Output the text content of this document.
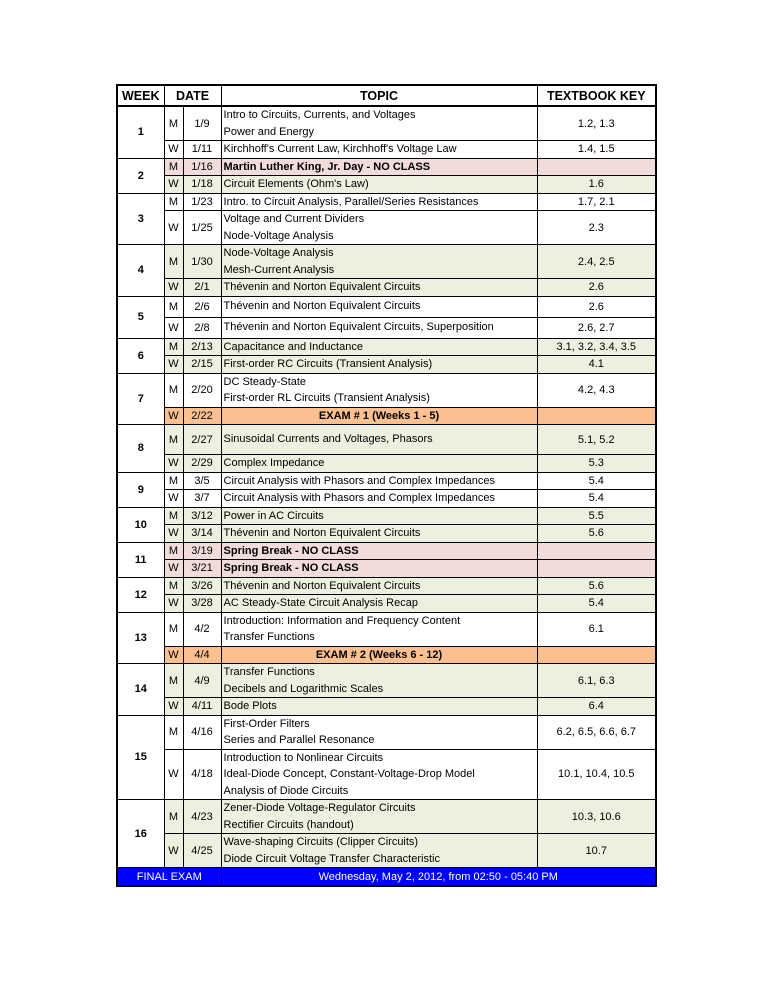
WEEK	DATE		TOPIC	TEXTBOOK KEY
1	M	1/9	Intro to Circuits, Currents, and Voltages
Power and Energy	1.2, 1.3
	W	1/11	Kirchhoff's Current Law, Kirchhoff's Voltage Law	1.4, 1.5
2	M	1/16	Martin Luther King, Jr. Day - NO CLASS	

	W	1/18	Circuit Elements (Ohm's Law)	1.6
3	M	1/23	Intro. to Circuit Analysis, Parallel/Series Resistances	1.7, 2.1
	W	1/25	Voltage and Current Dividers
Node-Voltage Analysis	2.3
4	M	1/30	Node-Voltage Analysis
Mesh-Current Analysis	2.4, 2.5
	W	2/1	Thévenin and Norton Equivalent Circuits	2.6
5	M	2/6	Thévenin and Norton Equivalent Circuits	2.6
	W	2/8	Thévenin and Norton Equivalent Circuits, Superposition	2.6, 2.7
6	M	2/13	Capacitance and Inductance	3.1, 3.2, 3.4, 3.5
	W	2/15	First-order RC Circuits (Transient Analysis)	4.1
7	M	2/20	DC Steady-State
First-order RL Circuits (Transient Analysis)	4.2, 4.3
	W	2/22	EXAM # 1 (Weeks 1 - 5)	

8	M	2/27	Sinusoidal Currents and Voltages, Phasors	5.1, 5.2
	W	2/29	Complex Impedance	5.3
9	M	3/5	Circuit Analysis with Phasors and Complex Impedances	5.4
	W	3/7	Circuit Analysis with Phasors and Complex Impedances	5.4
10	M	3/12	Power in AC Circuits	5.5
	W	3/14	Thévenin and Norton Equivalent Circuits	5.6
11	M	3/19	Spring Break - NO CLASS	

	W	3/21	Spring Break - NO CLASS	

12	M	3/26	Thévenin and Norton Equivalent Circuits	5.6
	W	3/28	AC Steady-State Circuit Analysis Recap	5.4
13	M	4/2	Introduction: Information and Frequency Content
Transfer Functions	6.1
	W	4/4	EXAM # 2 (Weeks 6 - 12)	

14	M	4/9	Transfer Functions
Decibels and Logarithmic Scales	6.1, 6.3
	W	4/11	Bode Plots	6.4
15	M	4/16	First-Order Filters
Series and Parallel Resonance	6.2, 6.5, 6.6, 6.7
	W	4/18	Introduction to Nonlinear Circuits
Ideal-Diode Concept, Constant-Voltage-Drop Model
Analysis of Diode Circuits	10.1, 10.4, 10.5
16	M	4/23	Zener-Diode Voltage-Regulator Circuits
Rectifier Circuits (handout)	10.3, 10.6
	W	4/25	Wave-shaping Circuits (Clipper Circuits)
Diode Circuit Voltage Transfer Characteristic	10.7
FINAL EXAM			Wednesday, May 2, 2012, from 02:50 - 05:40 PM	
